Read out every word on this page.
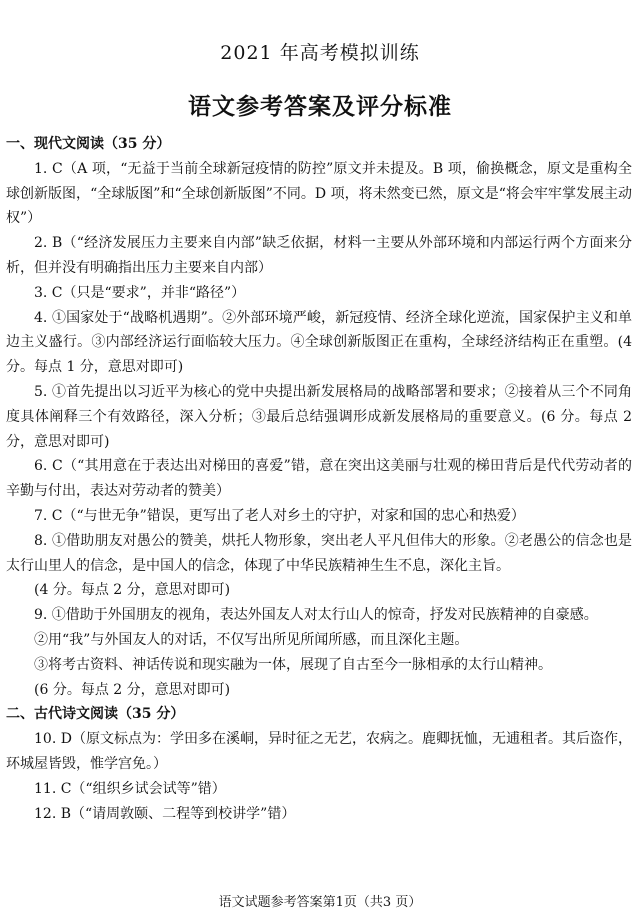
2021 年高考模拟训练
语文参考答案及评分标准

一、现代文阅读（35 分）

1. C（A 项，“无益于当前全球新冠疫情的防控”原文并未提及。B 项，偷换概念，原文是重构全球创新版图，“全球版图”和“全球创新版图”不同。D 项，将未然变已然，原文是“将会牢牢掌发展主动权”）

2. B（“经济发展压力主要来自内部”缺乏依据，材料一主要从外部环境和内部运行两个方面来分析，但并没有明确指出压力主要来自内部）

3. C（只是“要求”，并非“路径”）

4. ①国家处于“战略机遇期”。②外部环境严峻，新冠疫情、经济全球化逆流，国家保护主义和单边主义盛行。③内部经济运行面临较大压力。④全球创新版图正在重构，全球经济结构正在重塑。(4 分。每点 1 分，意思对即可)

5. ①首先提出以习近平为核心的党中央提出新发展格局的战略部署和要求；②接着从三个不同角度具体阐释三个有效路径，深入分析；③最后总结强调形成新发展格局的重要意义。(6 分。每点 2 分，意思对即可)

6. C（“其用意在于表达出对梯田的喜爱”错，意在突出这美丽与壮观的梯田背后是代代劳动者的辛勤与付出，表达对劳动者的赞美）

7. C（“与世无争”错误，更写出了老人对乡土的守护，对家和国的忠心和热爱）

8. ①借助朋友对愚公的赞美，烘托人物形象，突出老人平凡但伟大的形象。②老愚公的信念也是太行山里人的信念，是中国人的信念，体现了中华民族精神生生不息，深化主旨。

(4 分。每点 2 分，意思对即可)

9. ①借助于外国朋友的视角，表达外国友人对太行山人的惊奇，抒发对民族精神的自豪感。

②用“我”与外国友人的对话，不仅写出所见所闻所感，而且深化主题。

③将考古资料、神话传说和现实融为一体，展现了自古至今一脉相承的太行山精神。

(6 分。每点 2 分，意思对即可)

二、古代诗文阅读（35 分）

10. D（原文标点为：学田多在溪峒，异时征之无艺，农病之。鹿卿抚恤，无逋租者。其后盗作，环城屋皆毁，惟学宫免。）

11. C（“组织乡试会试等”错）

12. B（“请周敦颐、二程等到校讲学”错）

语文试题参考答案第1页（共3 页）
